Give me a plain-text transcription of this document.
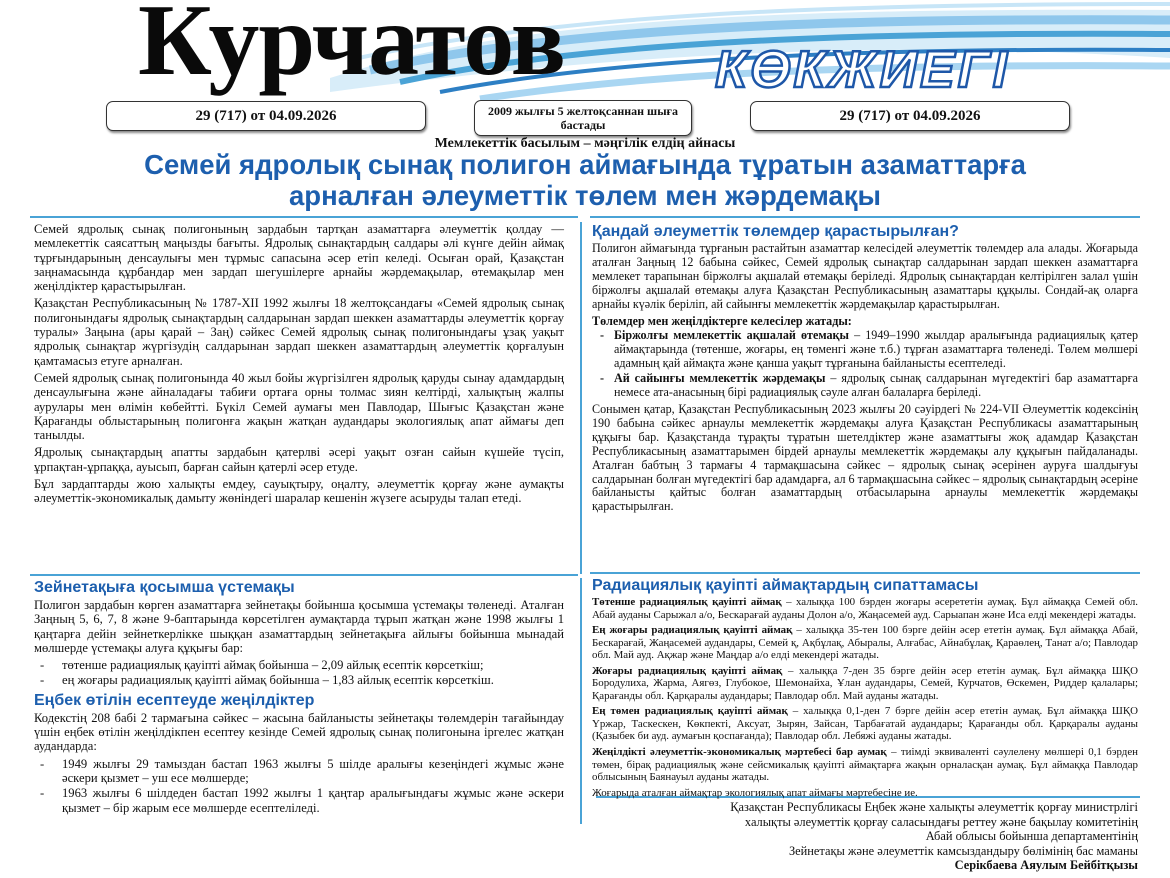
Курчатов	КӨКЖИЕГІ
29 (717) от 04.09.2026	2009 жылғы 5 желтоқсаннан шыға бастады
29 (717) от 04.09.2026
Мемлекеттік басылым – мәңгілік елдің айнасы
Семей ядролық сынақ полигон аймағында тұратын азаматтарға
арналған әлеуметтік төлем мен жәрдемақы

Семей ядролық сынақ полигонының зардабын тартқан азаматтарға әлеуметтік қолдау — мемлекеттік саясаттың маңызды бағыты. Ядролық сынақтардың салдары әлі күнге дейін аймақ тұрғындарының денсаулығы мен тұрмыс сапасына әсер етіп келеді. Осыған орай, Қазақстан заңнамасында құрбандар мен зардап шегушілерге арнайы жәрдемақылар, өтемақылар мен жеңілдіктер қарастырылған.

Қазақстан Республикасының № 1787-XII 1992 жылғы 18 желтоқсандағы «Семей ядролық сынақ полигонындағы ядролық сынақтардың салдарынан зардап шеккен азаматтарды әлеуметтік қорғау туралы» Заңына (ары қарай – Заң) сәйкес Семей ядролық сынақ полигонындағы ұзақ уақыт ядролық сынақтар жүргізудің салдарынан зардап шеккен азаматтардың әлеуметтік қорғалуын қамтамасыз етуге арналған.

Семей ядролық сынақ полигонында 40 жыл бойы жүргізілген ядролық қаруды сынау адамдардың денсаулығына және айналадағы табиғи ортаға орны толмас зиян келтірді, халықтың жалпы аурулары мен өлімін көбейтті. Бүкіл Семей аумағы мен Павлодар, Шығыс Қазақстан және Қарағанды облыстарының полигонға жақын жатқан аудандары экологиялық апат аймағы деп танылды.

Ядролық сынақтардың апатты зардабын қатерлві әсері уақыт озған сайын күшейе түсіп, ұрпақтан-ұрпаққа, ауысып, барған сайын қатерлі әсер етуде.

Бұл зардаптарды жою халықты емдеу, сауықтыру, оңалту, әлеуметтік қорғау және аумақты әлеуметтік-экономикалық дамыту жөніндегі шаралар кешенін жүзеге асыруды талап етеді.

Қандай әлеуметтік төлемдер қарастырылған?

Полигон аймағында тұрғанын растайтын азаматтар келесідей әлеуметтік төлемдер ала алады. Жоғарыда аталған Заңның 12 бабына сәйкес, Семей ядролық сынақтар салдарынан зардап шеккен азаматтарға мемлекет тарапынан біржолғы ақшалай өтемақы беріледі. Ядролық сынақтардан келтірілген залал үшін біржолғы ақшалай өтемақы алуға Қазақстан Республикасының азаматтары құқылы. Сондай-ақ оларға арнайы күәлік беріліп, ай сайынғы мемлекеттік жәрдемақылар қарастырылған.

Төлемдер мен жеңілдіктерге келесілер жатады:
- Біржолғы мемлекеттік ақшалай өтемақы – 1949–1990 жылдар аралығында радиациялық қатер аймақтарында (төтенше, жоғары, ең төменгі және т.б.) тұрған азаматтарға төленеді. Төлем мөлшері адамның қай аймақта және қанша уақыт тұрғанына байланысты есептеледі.
- Ай сайынғы мемлекеттік жәрдемақы – ядролық сынақ салдарынан мүгедектігі бар азаматтарға немесе ата-анасының бірі радиациялық сәуле алған балаларға беріледі.

Сонымен қатар, Қазақстан Республикасының 2023 жылғы 20 сәуірдегі № 224-VII Әлеуметтік кодексінің 190 бабына сәйкес арнаулы мемлекеттік жәрдемақы алуға Қазақстан Республикасы азаматтарының құқығы бар. Қазақстанда тұрақты тұратын шетелдіктер және азаматтығы жоқ адамдар Қазақстан Республикасының азаматтарымен бірдей арнаулы мемлекеттік жәрдемақы алу құқығын пайдаланады. Аталған бабтың 3 тармағы 4 тармақшасына сәйкес – ядролық сынақ әсерінен ауруға шалдығуы салдарынан болған мүгедектігі бар адамдарға, ал 6 тармақшасына сәйкес – ядролық сынақтардың әсеріне байланысты қайтыс болған азаматтардың отбасыларына арнаулы мемлекеттік жәрдемақы қарастырылған.

Зейнетақыға қосымша үстемақы

Полигон зардабын көрген азаматтарға зейнетақы бойынша қосымша үстемақы төленеді. Аталған Заңның 5, 6, 7, 8 және 9-баптарында көрсетілген аумақтарда тұрып жатқан және 1998 жылғы 1 қаңтарға дейін зейнеткерлікке шыққан азаматтардың зейнетақыға айлығы бойынша мынадай мөлшерде үстемақы алуға құқығы бар:

- төтенше радиациялық қауіпті аймақ бойынша – 2,09 айлық есептік көрсеткіш;
- ең жоғары радиациялық қауіпті аймақ бойынша – 1,83 айлық есептік көрсеткіш.
Еңбек өтілін есептеуде жеңілдіктер

Кодекстің 208 бабі 2 тармағына сәйкес – жасына байланысты зейнетақы төлемдерін тағайындау үшін еңбек өтілін жеңілдікпен есептеу кезінде Семей ядролық сынақ полигонына іргелес жатқан аудандарда:

- 1949 жылғы 29 тамыздан бастап 1963 жылғы 5 шілде аралығы кезеңіндегі жұмыс және әскери қызмет – уш есе мөлшерде;
- 1963 жылғы 6 шілдеден бастап 1992 жылғы 1 қаңтар аралығындағы жұмыс және әскери қызмет – бір жарым есе мөлшерде есептеліледі.
Радиациялық қауіпті аймақтардың сипаттамасы

Төтенше радиациялық қауіпті аймақ – халыққа 100 бэрден жоғары әсерететін аумақ. Бұл аймаққа Семей обл. Абай ауданы Сарыжал а/о, Бескарағай ауданы Долон а/о, Жаңасемей ауд. Сарыапан және Иса елді мекендері жатады.

Ең жоғары радиациялық қауіпті аймақ – халыққа 35-тен 100 бэрге дейін әсер ететін аумақ. Бұл аймаққа Абай, Бескарағай, Жаңасемей аудандары, Семей қ, Ақбұлақ, Абыралы, Алғабас, Айнабұлақ, Қараөлең, Танат а/о; Павлодар обл. Май ауд. Ақжар және Маңдар а/о елді мекендері жатады.

Жоғары радиациялық қауіпті аймақ – халыққа 7-ден 35 бэрге дейін әсер ететін аумақ. Бұл аймаққа ШҚО Бородулиха, Жарма, Аягөз, Глубокое, Шемонайха, Ұлан аудандары, Семей, Курчатов, Өскемен, Риддер қалалары; Қарағанды обл. Қарқаралы аудандары; Павлодар обл. Май ауданы жатады.

Ең төмен радиациялық қауіпті аймақ – халыққа 0,1-ден 7 бэрге дейін әсер ететін аумақ. Бұл аймаққа ШҚО Үржар, Таскескен, Көкпекті, Аксуат, Зырян, Зайсан, Тарбағатай аудандары; Қарағанды обл. Қарқаралы ауданы (Қазыбек би ауд. аумағын қоспағанда); Павлодар обл. Лебяжі ауданы жатады.

Жеңілдікті әлеуметтік-экономикалық мәртебесі бар аумақ – тиімді эквиваленті сәулелену мөлшері 0,1 бэрден төмен, бірақ радиациялық және сейсмикалық қауіпті аймақтарға жақын орналасқан аумақ. Бұл аймаққа Павлодар облысының Баянауыл ауданы жатады.

Жоғарыда аталған аймақтар экологиялық апат аймағы мәртебесіне ие.

Қазақстан Республикасы Еңбек және халықты әлеуметтік қорғау министрлігі
халықты әлеуметтік қорғау саласындағы реттеу және бақылау комитетінің
Абай облысы бойынша департаментінің
Зейнетақы және әлеуметтік камсыздандыру бөлімінің бас маманы
Серікбаева Аяулым Бейбітқызы
